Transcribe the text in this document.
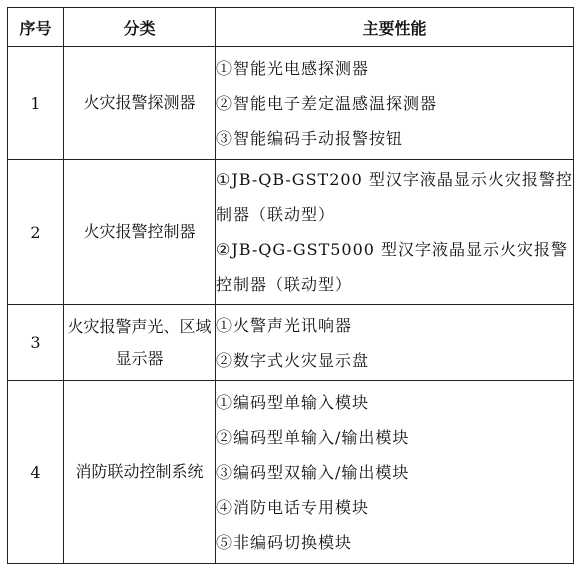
序号	分类	主要性能
1	火灾报警探测器	①智能光电感探测器
②智能电子差定温感温探测器
③智能编码手动报警按钮

2	火灾报警控制器	①JB-QB-GST200 型汉字液晶显示火灾报警控制器（联动型）
②JB-QG-GST5000 型汉字液晶显示火灾报警控制器（联动型）

3	火灾报警声光、区域显示器	①火警声光讯响器
②数字式火灾显示盘

4	消防联动控制系统	①编码型单输入模块
②编码型单输入/输出模块
③编码型双输入/输出模块
④消防电话专用模块
⑤非编码切换模块
